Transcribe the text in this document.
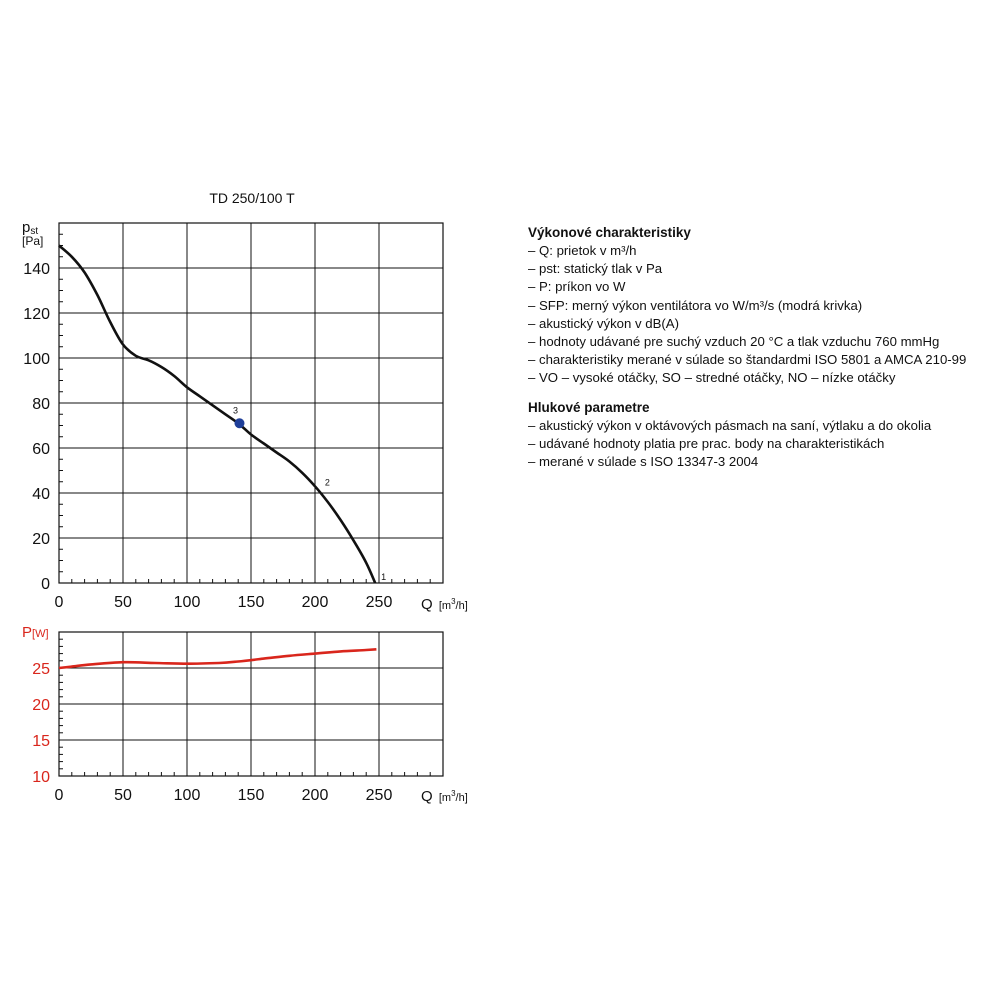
TD 250/100 T
pst
[Pa]
0	50	100 150 200 250
0
20
40
60
80
100
120
140
1
2
3
Q [$m^3_{/h]}$
P[W]
0	50	100 150 200 250
10
15
20
25
Q [$m^3_{/h]}$
Výkonové charakteristiky
– Q: prietok v m³/h
– pst: statický tlak v Pa
– P: príkon vo W
– SFP: merný výkon ventilátora vo W/m³/s (modrá krivka)
– akustický výkon v dB(A)
– hodnoty udávané pre suchý vzduch 20 °C a tlak vzduchu 760 mmHg
– charakteristiky merané v súlade so štandardmi ISO 5801 a AMCA 210-99
– VO – vysoké otáčky, SO – stredné otáčky, NO – nízke otáčky
Hlukové parametre
– akustický výkon v oktávových pásmach na saní, výtlaku a do okolia
– udávané hodnoty platia pre prac. body na charakteristikách
– merané v súlade s ISO 13347-3 2004
